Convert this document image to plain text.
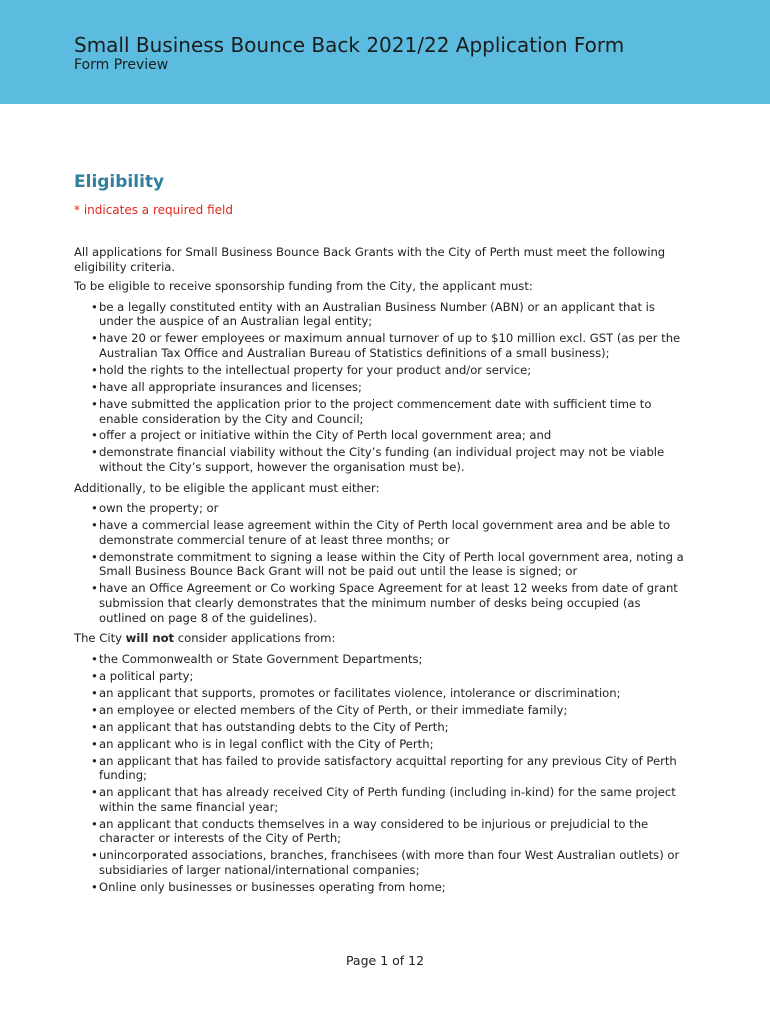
Small Business Bounce Back 2021/22 Application Form
Form Preview
Eligibility
* indicates a required field

All applications for Small Business Bounce Back Grants with the City of Perth must meet the following eligibility criteria.

To be eligible to receive sponsorship funding from the City, the applicant must:

• be a legally constituted entity with an Australian Business Number (ABN) or an applicant that is under the auspice of an Australian legal entity;
• have 20 or fewer employees or maximum annual turnover of up to $10 million excl. GST (as per the Australian Tax Office and Australian Bureau of Statistics definitions of a small business);
• hold the rights to the intellectual property for your product and/or service;
• have all appropriate insurances and licenses;
• have submitted the application prior to the project commencement date with sufficient time to enable consideration by the City and Council;
• offer a project or initiative within the City of Perth local government area; and
• demonstrate financial viability without the City’s funding (an individual project may not be viable without the City’s support, however the organisation must be).

Additionally, to be eligible the applicant must either:

• own the property; or
• have a commercial lease agreement within the City of Perth local government area and be able to demonstrate commercial tenure of at least three months; or
• demonstrate commitment to signing a lease within the City of Perth local government area, noting a Small Business Bounce Back Grant will not be paid out until the lease is signed; or
• have an Office Agreement or Co working Space Agreement for at least 12 weeks from date of grant submission that clearly demonstrates that the minimum number of desks being occupied (as outlined on page 8 of the guidelines).

The City will not consider applications from:

• the Commonwealth or State Government Departments;
• a political party;
• an applicant that supports, promotes or facilitates violence, intolerance or discrimination;
• an employee or elected members of the City of Perth, or their immediate family;
• an applicant that has outstanding debts to the City of Perth;
• an applicant who is in legal conflict with the City of Perth;
• an applicant that has failed to provide satisfactory acquittal reporting for any previous City of Perth funding;
• an applicant that has already received City of Perth funding (including in-kind) for the same project within the same financial year;
• an applicant that conducts themselves in a way considered to be injurious or prejudicial to the character or interests of the City of Perth;
• unincorporated associations, branches, franchisees (with more than four West Australian outlets) or subsidiaries of larger national/international companies;
• Online only businesses or businesses operating from home;
Page 1 of 12
